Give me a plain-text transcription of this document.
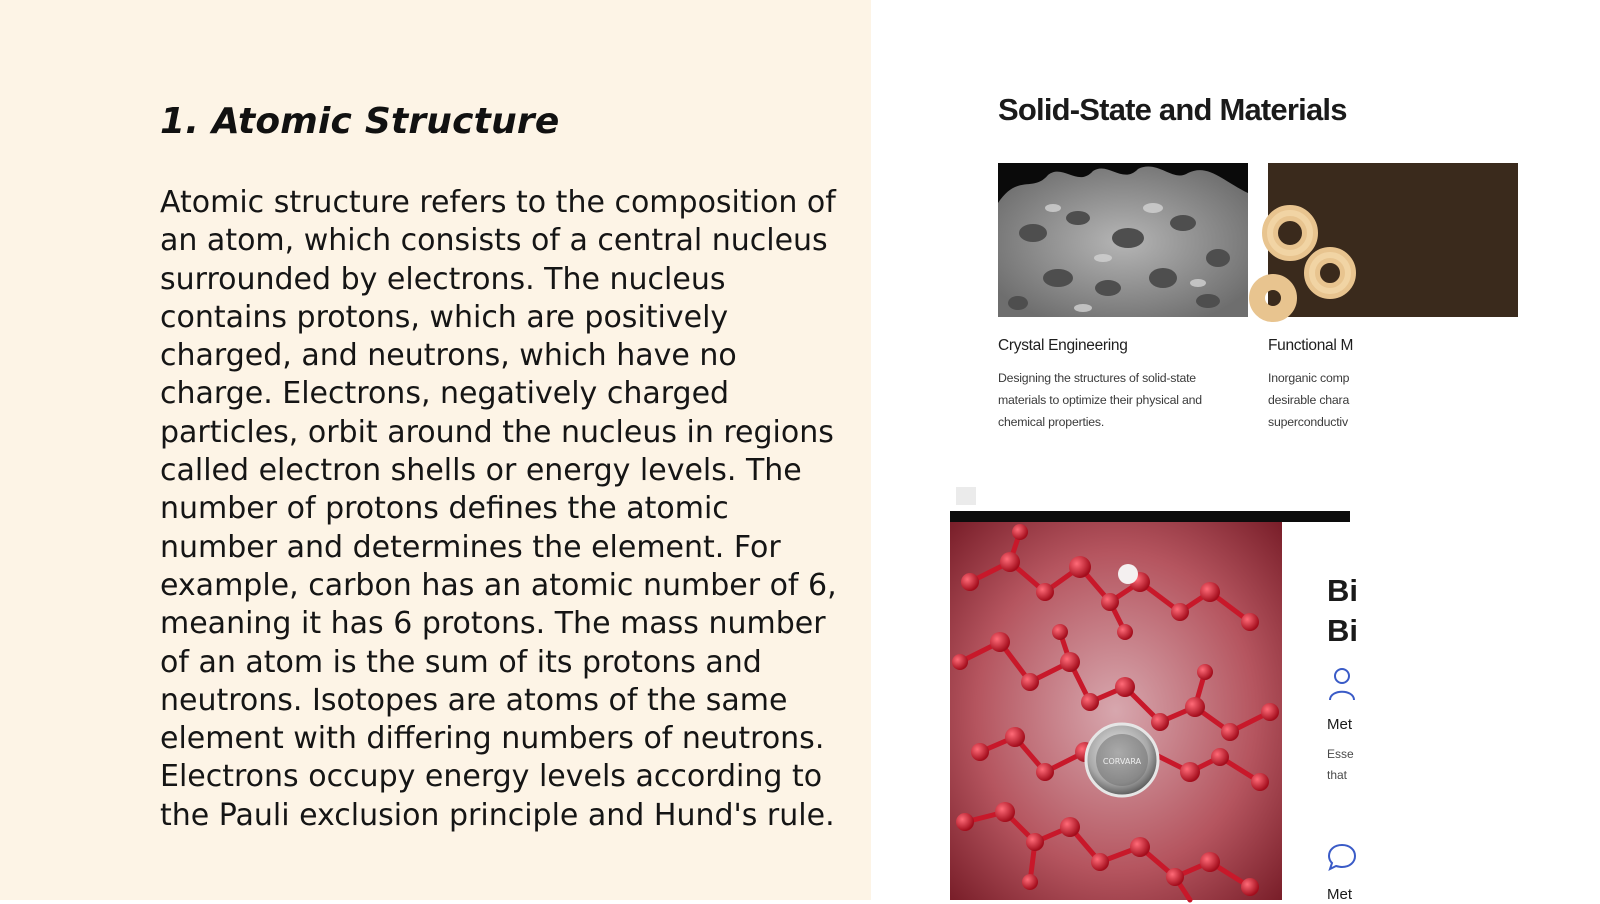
1. Atomic Structure

Atomic structure refers to the composition of an atom, which consists of a central nucleus surrounded by electrons. The nucleus contains protons, which are positively charged, and neutrons, which have no charge. Electrons, negatively charged particles, orbit around the nucleus in regions called electron shells or energy levels. The number of protons defines the atomic number and determines the element. For example, carbon has an atomic number of 6, meaning it has 6 protons. The mass number of an atom is the sum of its protons and neutrons. Isotopes are atoms of the same element with differing numbers of neutrons. Electrons occupy energy levels according to the Pauli exclusion principle and Hund's rule.

Solid-State and Materials
Crystal Engineering
Designing the structures of solid-state
materials to optimize their physical and
chemical properties.
Functional M
Inorganic comp
desirable chara
superconductiv
CORVARA
Bi
Bi
Met
Esse
that
Met
